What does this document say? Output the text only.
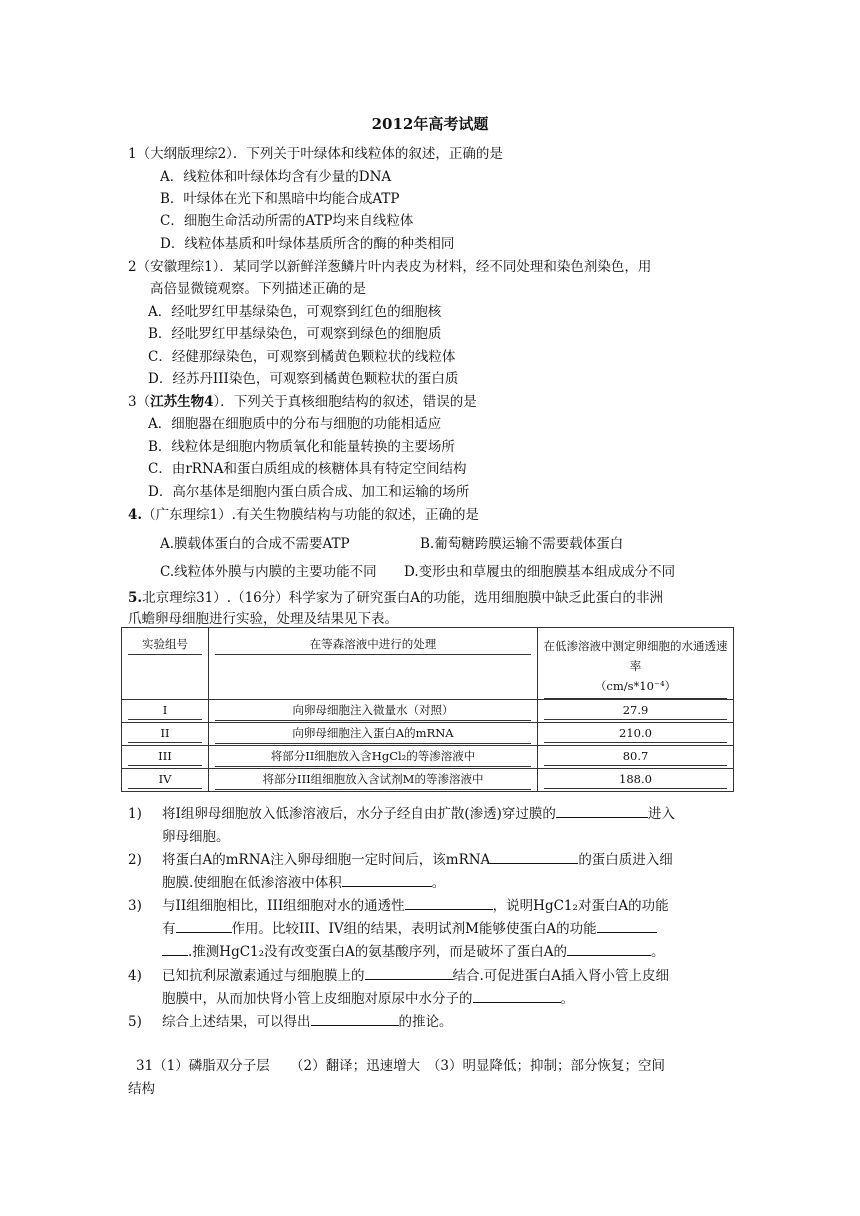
2012年高考试题
1（大纲版理综2）．下列关于叶绿体和线粒体的叙述，正确的是
A．线粒体和叶绿体均含有少量的DNA
B．叶绿体在光下和黑暗中均能合成ATP
C．细胞生命活动所需的ATP均来自线粒体
D．线粒体基质和叶绿体基质所含的酶的种类相同
2（安徽理综1）．某同学以新鲜洋葱鳞片叶内表皮为材料，经不同处理和染色剂染色，用
高倍显微镜观察。下列描述正确的是
A．经吡罗红甲基绿染色，可观察到红色的细胞核
B．经吡罗红甲基绿染色，可观察到绿色的细胞质
C．经健那绿染色，可观察到橘黄色颗粒状的线粒体
D．经苏丹III染色，可观察到橘黄色颗粒状的蛋白质
3（江苏生物4）．下列关于真核细胞结构的叙述，错误的是
A．细胞器在细胞质中的分布与细胞的功能相适应
B．线粒体是细胞内物质氧化和能量转换的主要场所
C．由rRNA和蛋白质组成的核糖体具有特定空间结构
D．高尔基体是细胞内蛋白质合成、加工和运输的场所
4.（广东理综1）.有关生物膜结构与功能的叙述，正确的是
A.膜载体蛋白的合成不需要ATP	B.葡萄糖跨膜运输不需要载体蛋白
C.线粒体外膜与内膜的主要功能不同 D.变形虫和草履虫的细胞膜基本组成成分不同
5.北京理综31）.（16分）科学家为了研究蛋白A的功能，选用细胞膜中缺乏此蛋白的非洲
爪蟾卵母细胞进行实验，处理及结果见下表。
实验组号	在等森溶液中进行的处理	在低渗溶液中测定卵细胞的水通透速率
（cm/s*10⁻⁴）

I	向卵母细胞注入微量水（对照）	27.9

II	向卵母细胞注入蛋白A的mRNA	210.0

III	将部分II细胞放入含HgCl₂的等渗溶液中	80.7

IV	将部分III组细胞放入含试剂M的等渗溶液中	188.0
1) 将I组卵母细胞放入低渗溶液后，水分子经自由扩散(渗透)穿过膜的	进入
卵母细胞。
2) 将蛋白A的mRNA注入卵母细胞一定时间后，该mRNA	的蛋白质进入细
胞膜.使细胞在低渗溶液中体积	。
3) 与II组细胞相比，III组细胞对水的通透性	，说明HgC1₂对蛋白A的功能
有	作用。比较III、IV组的结果，表明试剂M能够使蛋白A的功能
.推测HgC1₂没有改变蛋白A的氨基酸序列，而是破坏了蛋白A的	。
4) 已知抗利尿激素通过与细胞膜上的	结合.可促进蛋白A插入肾小管上皮细
胞膜中，从而加快肾小管上皮细胞对原尿中水分子的	。
5) 综合上述结果，可以得出	的推论。
31（1）磷脂双分子层　　（2）翻译；迅速增大　（3）明显降低；抑制；部分恢复；空间
结构
